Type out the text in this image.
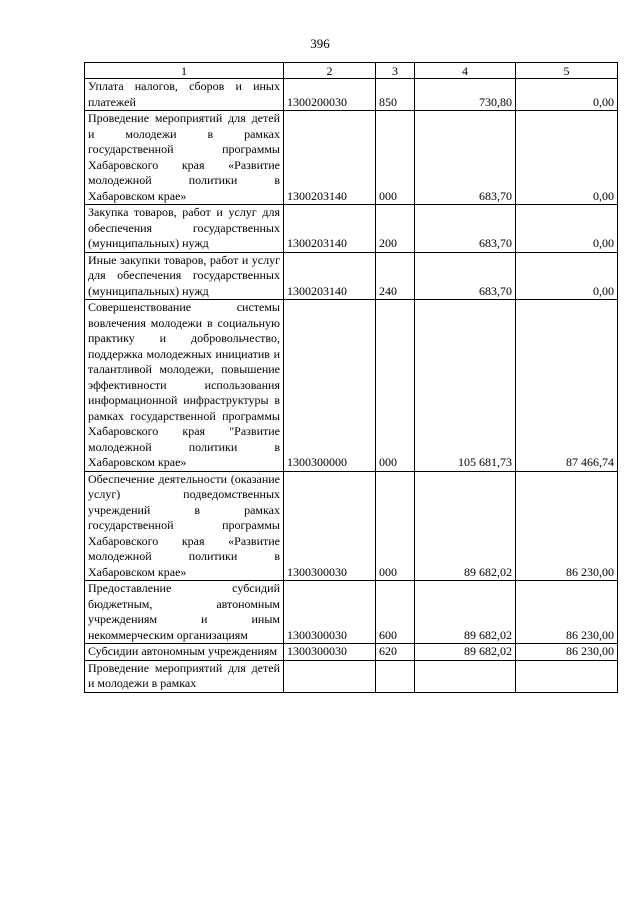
396
1	2	3	4	5
Уплата налогов, сборов и иных платежей	1300200030	850	730,80	0,00
Проведение мероприятий для детей и молодежи в рамках государственной программы Хабаровского края «Развитие молодежной политики в Хабаровском крае»	1300203140	000	683,70	0,00
Закупка товаров, работ и услуг для обеспечения государственных (муниципальных) нужд	1300203140	200	683,70	0,00
Иные закупки товаров, работ и услуг для обеспечения государственных (муниципальных) нужд	1300203140	240	683,70	0,00
Совершенствование системы вовлечения молодежи в социальную практику и добровольчество, поддержка молодежных инициатив и талантливой молодежи, повышение эффективности использования информационной инфраструктуры в рамках государственной программы Хабаровского края "Развитие молодежной политики в Хабаровском крае»	1300300000	000	105 681,73	87 466,74
Обеспечение деятельности (оказание услуг) подведомственных учреждений в рамках государственной программы Хабаровского края «Развитие молодежной политики в Хабаровском крае»	1300300030	000	89 682,02	86 230,00
Предоставление субсидий бюджетным, автономным учреждениям и иным некоммерческим организациям	1300300030	600	89 682,02	86 230,00
Субсидии автономным учреждениям	1300300030	620	89 682,02	86 230,00
Проведение мероприятий для детей и молодежи в рамках				
